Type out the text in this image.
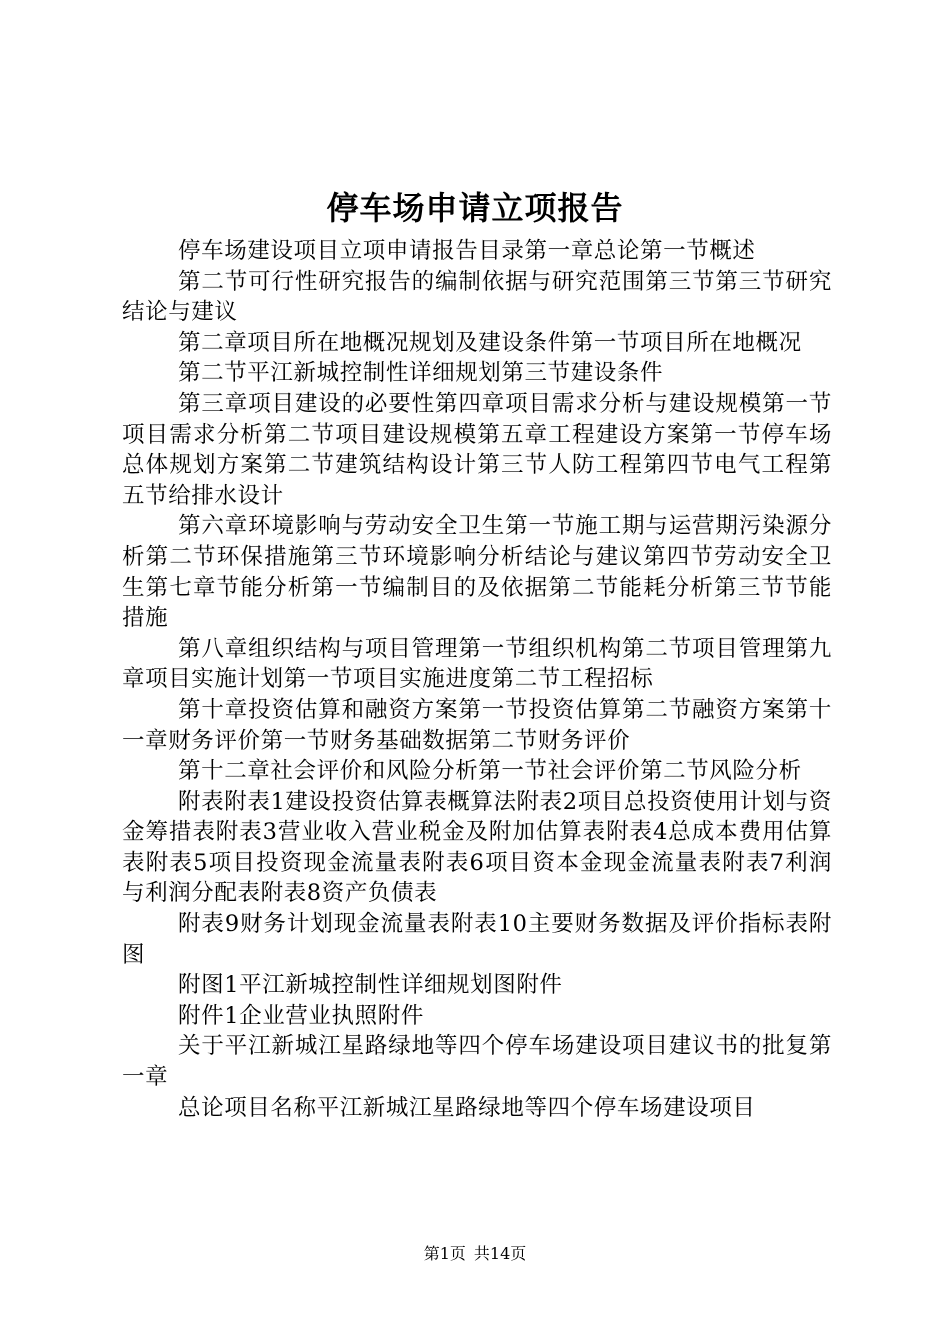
停车场申请立项报告

停车场建设项目立项申请报告目录第一章总论第一节概述

第二节可行性研究报告的编制依据与研究范围第三节第三节研究结论与建议

第二章项目所在地概况规划及建设条件第一节项目所在地概况

第二节平江新城控制性详细规划第三节建设条件

第三章项目建设的必要性第四章项目需求分析与建设规模第一节项目需求分析第二节项目建设规模第五章工程建设方案第一节停车场总体规划方案第二节建筑结构设计第三节人防工程第四节电气工程第五节给排水设计

第六章环境影响与劳动安全卫生第一节施工期与运营期污染源分析第二节环保措施第三节环境影响分析结论与建议第四节劳动安全卫生第七章节能分析第一节编制目的及依据第二节能耗分析第三节节能措施

第八章组织结构与项目管理第一节组织机构第二节项目管理第九章项目实施计划第一节项目实施进度第二节工程招标

第十章投资估算和融资方案第一节投资估算第二节融资方案第十一章财务评价第一节财务基础数据第二节财务评价

第十二章社会评价和风险分析第一节社会评价第二节风险分析

附表附表1建设投资估算表概算法附表2项目总投资使用计划与资金筹措表附表3营业收入营业税金及附加估算表附表4总成本费用估算表附表5项目投资现金流量表附表6项目资本金现金流量表附表7利润与利润分配表附表8资产负债表

附表9财务计划现金流量表附表10主要财务数据及评价指标表附图

附图1平江新城控制性详细规划图附件

附件1企业营业执照附件

关于平江新城江星路绿地等四个停车场建设项目建议书的批复第一章

总论项目名称平江新城江星路绿地等四个停车场建设项目

第1页 共14页
